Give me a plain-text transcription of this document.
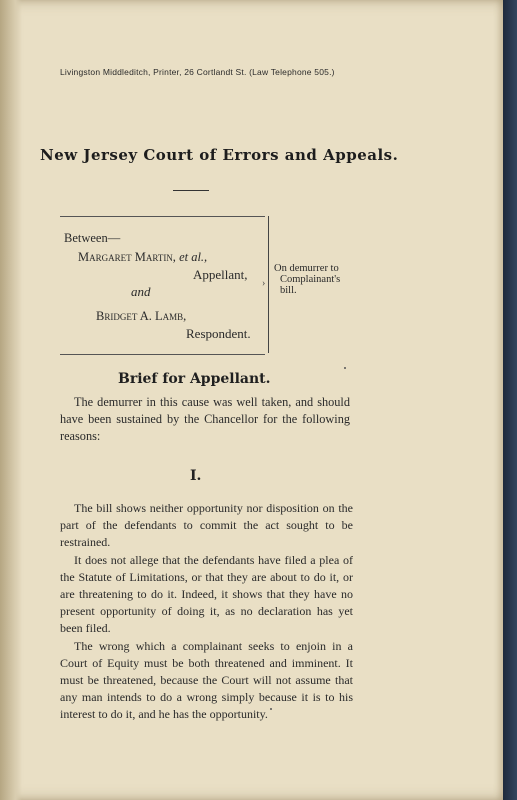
Livingston Middleditch, Printer, 26 Cortlandt St. (Law Telephone 505.)
New Jersey Court of Errors and Appeals.
›
Between—
Margaret Martin, et al.,
Appellant,
and
Bridget A. Lamb,
Respondent.
On demurrer to
Complainant's
bill.
Brief for Appellant.
The demurrer in this cause was well taken, and should have been sustained by the Chancellor for the following reasons:
I.

The bill shows neither opportunity nor disposition on the part of the defendants to commit the act sought to be restrained.

It does not allege that the defendants have filed a plea of the Statute of Limitations, or that they are about to do it, or are threatening to do it. Indeed, it shows that they have no present opportunity of doing it, as no declaration has yet been filed.

The wrong which a complainant seeks to enjoin in a Court of Equity must be both threatened and imminent. It must be threatened, because the Court will not assume that any man intends to do a wrong simply because it is to his interest to do it, and he has the opportunity.
